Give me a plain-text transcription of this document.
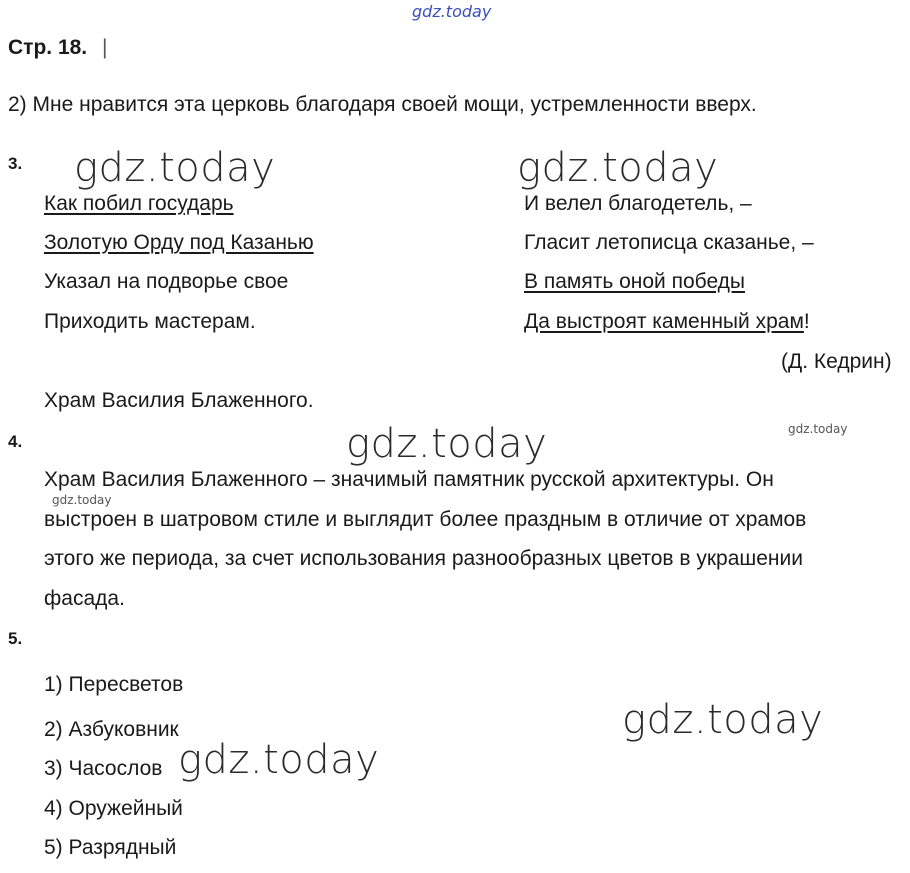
gdz.today
Стр. 18. |
2) Мне нравится эта церковь благодаря своей мощи, устремленности вверх.
3. gdz.today	gdz.today
Как побил государь
Золотую Орду под Казанью
Указал на подворье свое
Приходить мастерам.
И велел благодетель, –
Гласит летописца сказанье, –
В память оной победы
Да выстроят каменный храм!
(Д. Кедрин)
Храм Василия Блаженного.
4.	gdz.today	gdz.today
Храм Василия Блаженного – значимый памятник русской архитектуры. Он
gdz.today
выстроен в шатровом стиле и выглядит более праздным в отличие от храмов
этого же периода, за счет использования разнообразных цветов в украшении
фасада.
5.
1) Пересветов
gdz.today
2) Азбуковник
gdz.today
3) Часослов
4) Оружейный
5) Разрядный
